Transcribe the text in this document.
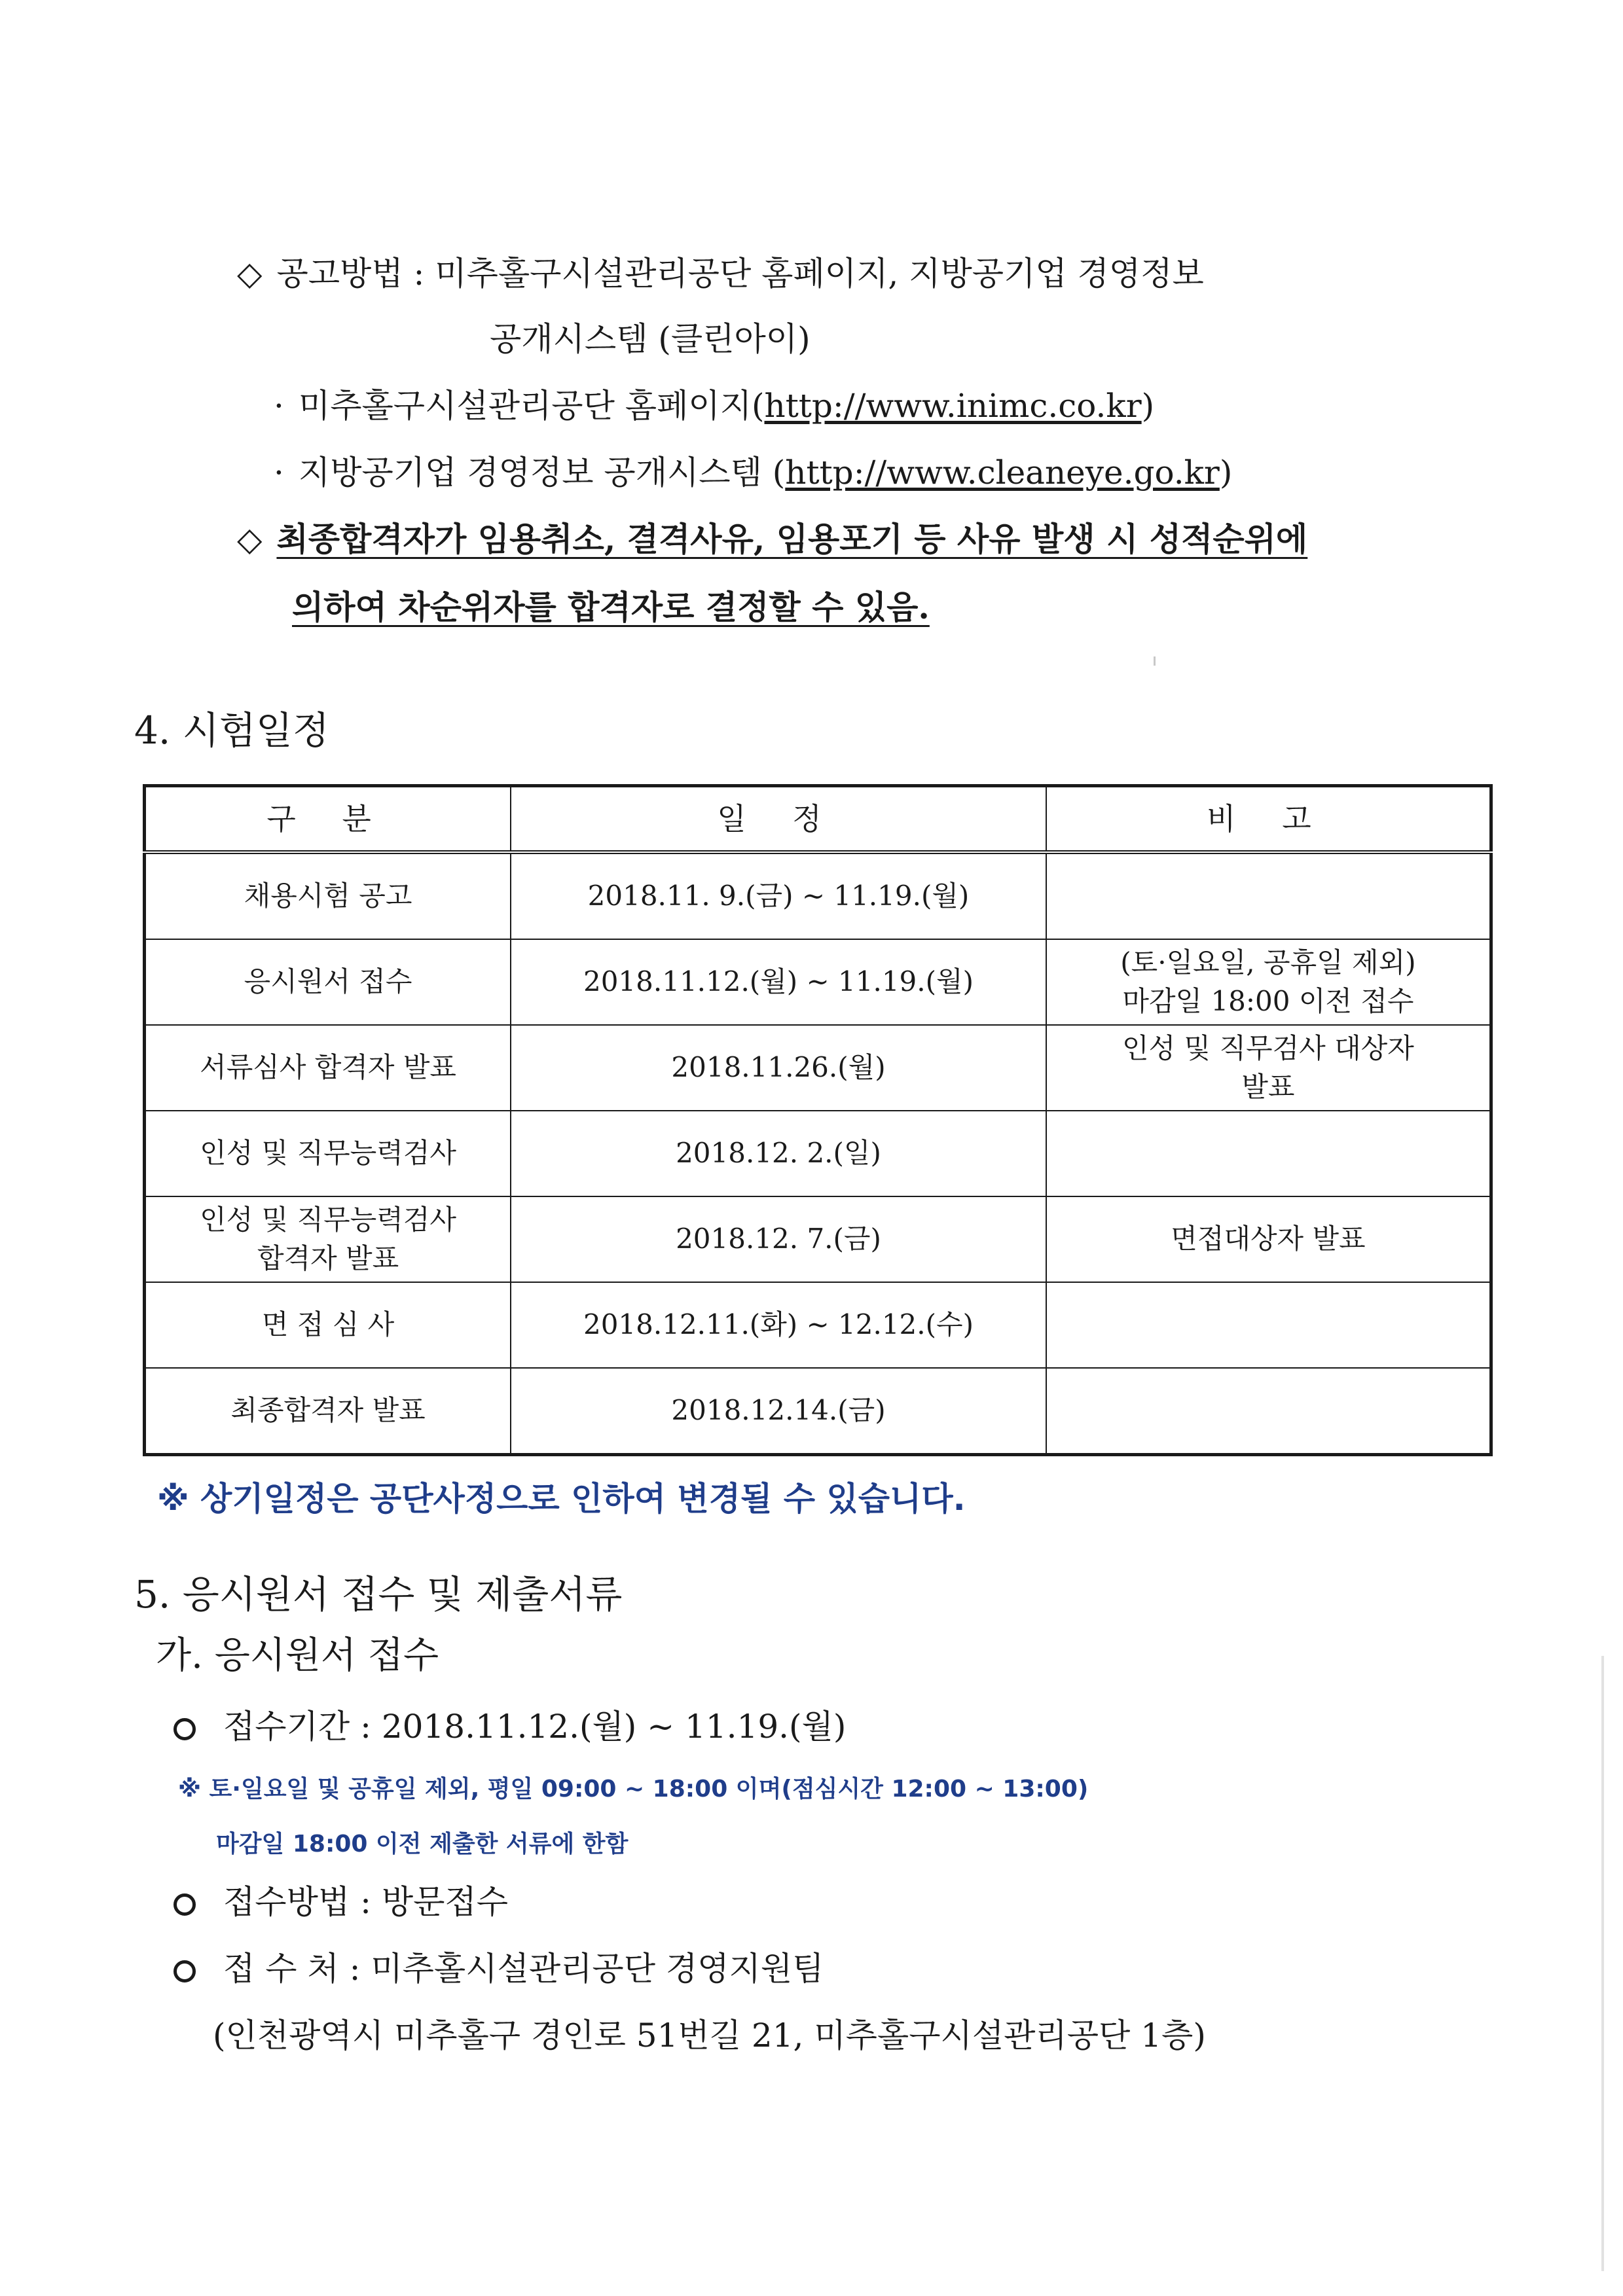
◇ 공고방법 : 미추홀구시설관리공단 홈페이지, 지방공기업 경영정보
공개시스템 (클린아이)
· 미추홀구시설관리공단 홈페이지(http://www.inimc.co.kr)
· 지방공기업 경영정보 공개시스템 (http://www.cleaneye.go.kr)
◇ 최종합격자가 임용취소, 결격사유, 임용포기 등 사유 발생 시 성적순위에
의하여 차순위자를 합격자로 결정할 수 있음.
4. 시험일정
구 분	일 정	비 고
채용시험 공고	2018.11. 9.(금) ~ 11.19.(월)	
응시원서 접수	2018.11.12.(월) ~ 11.19.(월)	(토·일요일, 공휴일 제외)
마감일 18:00 이전 접수

서류심사 합격자 발표	2018.11.26.(월)	인성 및 직무검사 대상자
발표

인성 및 직무능력검사	2018.12. 2.(일)	

인성 및 직무능력검사
합격자 발표	2018.12. 7.(금)	면접대상자 발표
면 접 심 사	2018.12.11.(화) ~ 12.12.(수)	
최종합격자 발표	2018.12.14.(금)	
※ 상기일정은 공단사정으로 인하여 변경될 수 있습니다.
5. 응시원서 접수 및 제출서류
가. 응시원서 접수
접수기간 : 2018.11.12.(월) ~ 11.19.(월)
※ 토·일요일 및 공휴일 제외, 평일 09:00 ~ 18:00 이며(점심시간 12:00 ~ 13:00)
마감일 18:00 이전 제출한 서류에 한함
접수방법 : 방문접수
접 수 처 : 미추홀시설관리공단 경영지원팀
(인천광역시 미추홀구 경인로 51번길 21, 미추홀구시설관리공단 1층)
